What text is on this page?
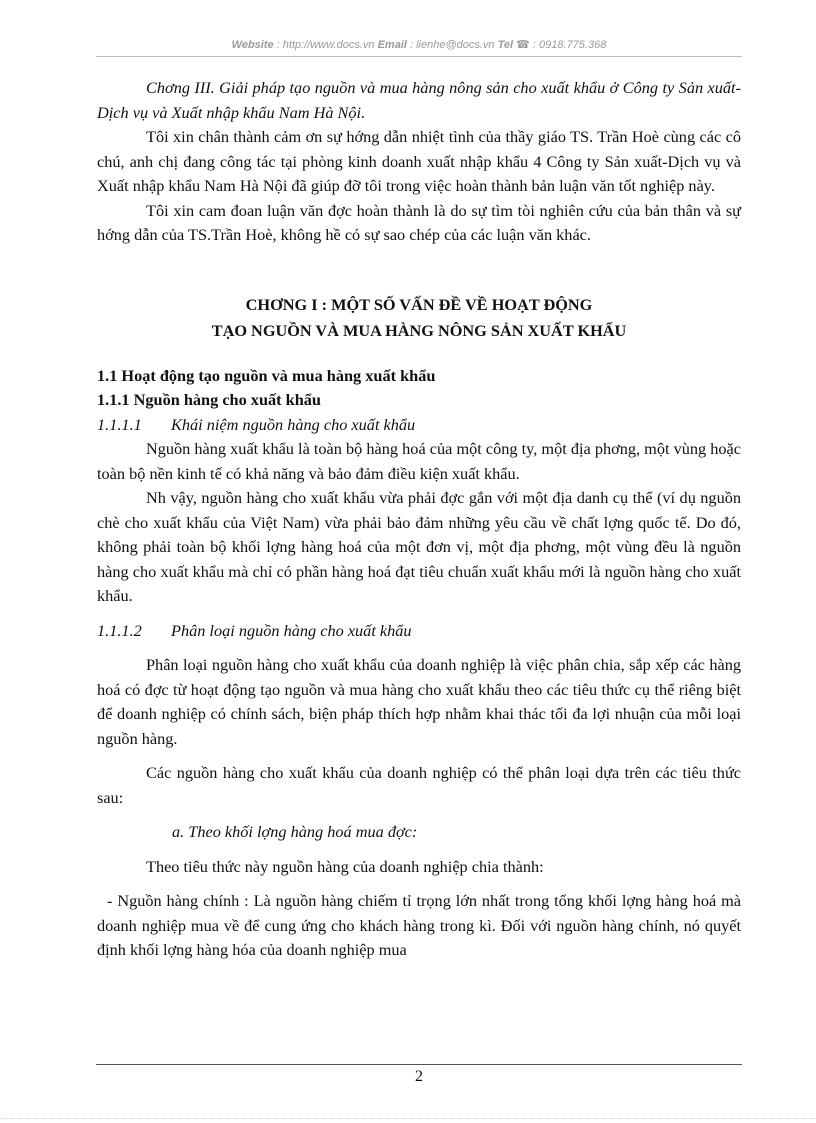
Website : http://www.docs.vn Email : lienhe@docs.vn Tel ☎ : 0918.775.368

Chơng III. Giải pháp tạo nguồn và mua hàng nông sản cho xuất khẩu ở Công ty Sản xuất- Dịch vụ và Xuất nhập khẩu Nam Hà Nội.

Tôi xin chân thành cảm ơn sự hớng dẫn nhiệt tình của thầy giáo TS. Trần Hoè cùng các cô chú, anh chị đang công tác tại phòng kinh doanh xuất nhập khẩu 4 Công ty Sản xuất-Dịch vụ và Xuất nhập khẩu Nam Hà Nội đã giúp đỡ tôi trong việc hoàn thành bản luận văn tốt nghiệp này.

Tôi xin cam đoan luận văn đợc hoàn thành là do sự tìm tòi nghiên cứu của bản thân và sự hớng dẫn của TS.Trần Hoè, không hề có sự sao chép của các luận văn khác.

CHƠNG I : MỘT SỐ VẤN ĐỀ VỀ HOẠT ĐỘNG
TẠO NGUỒN VÀ MUA HÀNG NÔNG SẢN XUẤT KHẨU
1.1 Hoạt động tạo nguồn và mua hàng xuất khẩu
1.1.1 Nguồn hàng cho xuất khẩu
1.1.1.1 Khái niệm nguồn hàng cho xuất khẩu

Nguồn hàng xuất khẩu là toàn bộ hàng hoá của một công ty, một địa phơng, một vùng hoặc toàn bộ nền kinh tế có khả năng và bảo đảm điều kiện xuất khẩu.

Nh vậy, nguồn hàng cho xuất khẩu vừa phải đợc gắn với một địa danh cụ thể (ví dụ nguồn chè cho xuất khẩu của Việt Nam) vừa phải bảo đảm những yêu cầu về chất lợng quốc tế. Do đó, không phải toàn bộ khối lợng hàng hoá của một đơn vị, một địa phơng, một vùng đều là nguồn hàng cho xuất khẩu mà chỉ có phần hàng hoá đạt tiêu chuẩn xuất khẩu mới là nguồn hàng cho xuất khẩu.

1.1.1.2 Phân loại nguồn hàng cho xuất khẩu

Phân loại nguồn hàng cho xuất khẩu của doanh nghiệp là việc phân chia, sắp xếp các hàng hoá có đợc từ hoạt động tạo nguồn và mua hàng cho xuất khẩu theo các tiêu thức cụ thể riêng biệt để doanh nghiệp có chính sách, biện pháp thích hợp nhằm khai thác tối đa lợi nhuận của mỗi loại nguồn hàng.

Các nguồn hàng cho xuất khẩu của doanh nghiệp có thể phân loại dựa trên các tiêu thức sau:

a. Theo khối lợng hàng hoá mua đợc:

Theo tiêu thức này nguồn hàng của doanh nghiệp chia thành:

- Nguồn hàng chính : Là nguồn hàng chiếm tỉ trọng lớn nhất trong tổng khối lợng hàng hoá mà doanh nghiệp mua về để cung ứng cho khách hàng trong kì. Đối với nguồn hàng chính, nó quyết định khối lợng hàng hóa của doanh nghiệp mua

2
